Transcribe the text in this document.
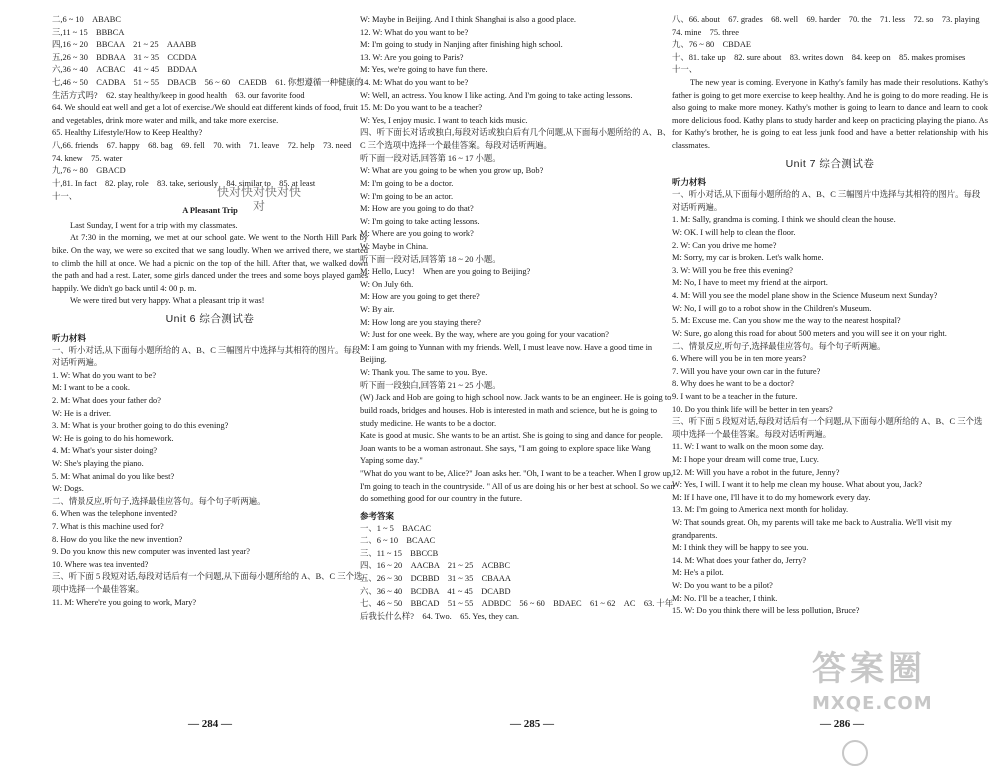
二,6 ~ 10　ABABC
三,11 ~ 15　BBBCA
四,16 ~ 20　BBCAA　21 ~ 25　AAABB
五,26 ~ 30　BDBAA　31 ~ 35　CCDDA
六,36 ~ 40　ACBAC　41 ~ 45　BDDAA
七,46 ~ 50　CADBA　51 ~ 55　DBACB　56 ~ 60　CAEDB　61. 你想遵循一种健康的生活方式吗?　62. stay healthy/keep in good health　63. our favorite food
64. We should eat well and get a lot of exercise./We should eat different kinds of food, fruit and vegetables, drink more water and milk, and take more exercise.
65. Healthy Lifestyle/How to Keep Healthy?
八,66. friends　67. happy　68. bag　69. fell　70. with　71. leave　72. help　73. need　74. knew　75. water
九,76 ~ 80　GBACD
十,81. In fact　82. play, role　83. take, seriously　84. similar to　85. at least
十一、
A Pleasant Trip
Last Sunday, I went for a trip with my classmates.
At 7:30 in the morning, we met at our school gate. We went to the North Hill Park by bike. On the way, we were so excited that we sang loudly. When we arrived there, we started to climb the hill at once. We had a picnic on the top of the hill. After that, we walked down the path and had a rest. Later, some girls danced under the trees and some boys played games happily. We didn't go back until 4: 00 p. m.
We were tired but very happy. What a pleasant trip it was!
Unit 6 综合测试卷
听力材料
一、听小对话,从下面每小题所给的 A、B、C 三幅图片中选择与其相符的图片。每段对话听两遍。
1. W: What do you want to be?
M: I want to be a cook.
2. M: What does your father do?
W: He is a driver.
3. M: What is your brother going to do this evening?
W: He is going to do his homework.
4. M: What's your sister doing?
W: She's playing the piano.
5. M: What animal do you like best?
W: Dogs.
二、情景反应,听句子,选择最佳应答句。每个句子听两遍。
6. When was the telephone invented?
7. What is this machine used for?
8. How do you like the new invention?
9. Do you know this new computer was invented last year?
10. Where was tea invented?
三、听下面 5 段短对话,每段对话后有一个问题,从下面每小题所给的 A、B、C 三个选项中选择一个最佳答案。
11. M: Where're you going to work, Mary?
W: Maybe in Beijing. And I think Shanghai is also a good place.
12. W: What do you want to be?
M: I'm going to study in Nanjing after finishing high school.
13. W: Are you going to Paris?
M: Yes, we're going to have fun there.
14. M: What do you want to be?
W: Well, an actress. You know I like acting. And I'm going to take acting lessons.
15. M: Do you want to be a teacher?
W: Yes, I enjoy music. I want to teach kids music.
四、听下面长对话或独白,每段对话或独白后有几个问题,从下面每小题所给的 A、B、C 三个选项中选择一个最佳答案。每段对话听两遍。
听下面一段对话,回答第 16 ~ 17 小题。
W: What are you going to be when you grow up, Bob?
M: I'm going to be a doctor.
W: I'm going to be an actor.
M: How are you going to do that?
W: I'm going to take acting lessons.
M: Where are you going to work?
W: Maybe in China.
听下面一段对话,回答第 18 ~ 20 小题。
M: Hello, Lucy!　When are you going to Beijing?
W: On July 6th.
M: How are you going to get there?
W: By air.
M: How long are you staying there?
W: Just for one week. By the way, where are you going for your vacation?
M: I am going to Yunnan with my friends. Well, I must leave now. Have a good time in Beijing.
W: Thank you. The same to you. Bye.
听下面一段独白,回答第 21 ~ 25 小题。
(W) Jack and Hob are going to high school now. Jack wants to be an engineer. He is going to build roads, bridges and houses. Hob is interested in math and science, but he is going to study medicine. He wants to be a doctor.
Kate is good at music. She wants to be an artist. She is going to sing and dance for people. Joan wants to be a woman astronaut. She says, "I am going to explore space like Wang Yaping some day."
"What do you want to be, Alice?" Joan asks her. "Oh, I want to be a teacher. When I grow up, I'm going to teach in the countryside. " All of us are doing his or her best at school. So we can do something good for our country in the future.
参考答案
一、1 ~ 5　BACAC
二、6 ~ 10　BCAAC
三、11 ~ 15　BBCCB
四、16 ~ 20　AACBA　21 ~ 25　ACBBC
五、26 ~ 30　DCBBD　31 ~ 35　CBAAA
六、36 ~ 40　BCDBA　41 ~ 45　DCABD
七、46 ~ 50　BBCAD　51 ~ 55　ADBDC　56 ~ 60　BDAEC　61 ~ 62　AC　63. 十年后我长什么样?　64. Two.　65. Yes, they can.
八、66. about　67. grades　68. well　69. harder　70. the　71. less　72. so　73. playing　74. mine　75. three
九、76 ~ 80　CBDAE
十、81. take up　82. sure about　83. writes down　84. keep on　85. makes promises
十一、
The new year is coming. Everyone in Kathy's family has made their resolutions. Kathy's father is going to get more exercise to keep healthy. And he is going to do more reading. He is also going to make more money. Kathy's mother is going to learn to dance and learn to cook more delicious food. Kathy plans to study harder and keep on practicing playing the piano. As for Kathy's brother, he is going to eat less junk food and have a better relationship with his classmates.
Unit 7 综合测试卷
听力材料
一、听小对话,从下面每小题所给的 A、B、C 三幅图片中选择与其相符的图片。每段对话听两遍。
1. M: Sally, grandma is coming. I think we should clean the house.
W: OK. I will help to clean the floor.
2. W: Can you drive me home?
M: Sorry, my car is broken. Let's walk home.
3. W: Will you be free this evening?
M: No, I have to meet my friend at the airport.
4. M: Will you see the model plane show in the Science Museum next Sunday?
W: No, I will go to a robot show in the Children's Museum.
5. M: Excuse me. Can you show me the way to the nearest hospital?
W: Sure, go along this road for about 500 meters and you will see it on your right.
二、情景反应,听句子,选择最佳应答句。每个句子听两遍。
6. Where will you be in ten more years?
7. Will you have your own car in the future?
8. Why does he want to be a doctor?
9. I want to be a teacher in the future.
10. Do you think life will be better in ten years?
三、听下面 5 段短对话,每段对话后有一个问题,从下面每小题所给的 A、B、C 三个选项中选择一个最佳答案。每段对话听两遍。
11. W: I want to walk on the moon some day.
M: I hope your dream will come true, Lucy.
12. M: Will you have a robot in the future, Jenny?
W: Yes, I will. I want it to help me clean my house. What about you, Jack?
M: If I have one, I'll have it to do my homework every day.
13. M: I'm going to America next month for holiday.
W: That sounds great. Oh, my parents will take me back to Australia. We'll visit my grandparents.
M: I think they will be happy to see you.
14. M: What does your father do, Jerry?
M: He's a pilot.
W: Do you want to be a pilot?
M: No. I'll be a teacher, I think.
15. W: Do you think there will be less pollution, Bruce?
— 284 —	— 285 —	— 286 —
快对快对快对快对
答案圈
MXQE.COM
